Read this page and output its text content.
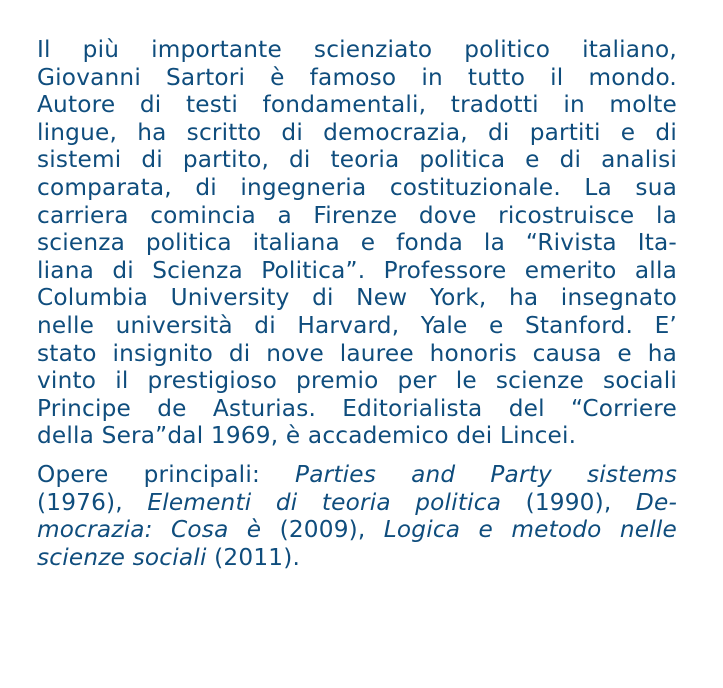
Il più importante scienziato politico italiano,
Giovanni Sartori è famoso in tutto il mondo.
Autore di testi fondamentali, tradotti in molte
lingue, ha scritto di democrazia, di partiti e di
sistemi di partito, di teoria politica e di analisi
comparata, di ingegneria costituzionale. La sua
carriera comincia a Firenze dove ricostruisce la
scienza politica italiana e fonda la “Rivista Ita-
liana di Scienza Politica”. Professore emerito alla
Columbia University di New York, ha insegnato
nelle università di Harvard, Yale e Stanford. E’
stato insignito di nove lauree honoris causa e ha
vinto il prestigioso premio per le scienze sociali
Principe de Asturias. Editorialista del “Corriere
della Sera”dal 1969, è accademico dei Lincei.
Opere principali: Parties and Party sistems
(1976), Elementi di teoria politica (1990), De-
mocrazia: Cosa è (2009), Logica e metodo nelle
scienze sociali (2011).
